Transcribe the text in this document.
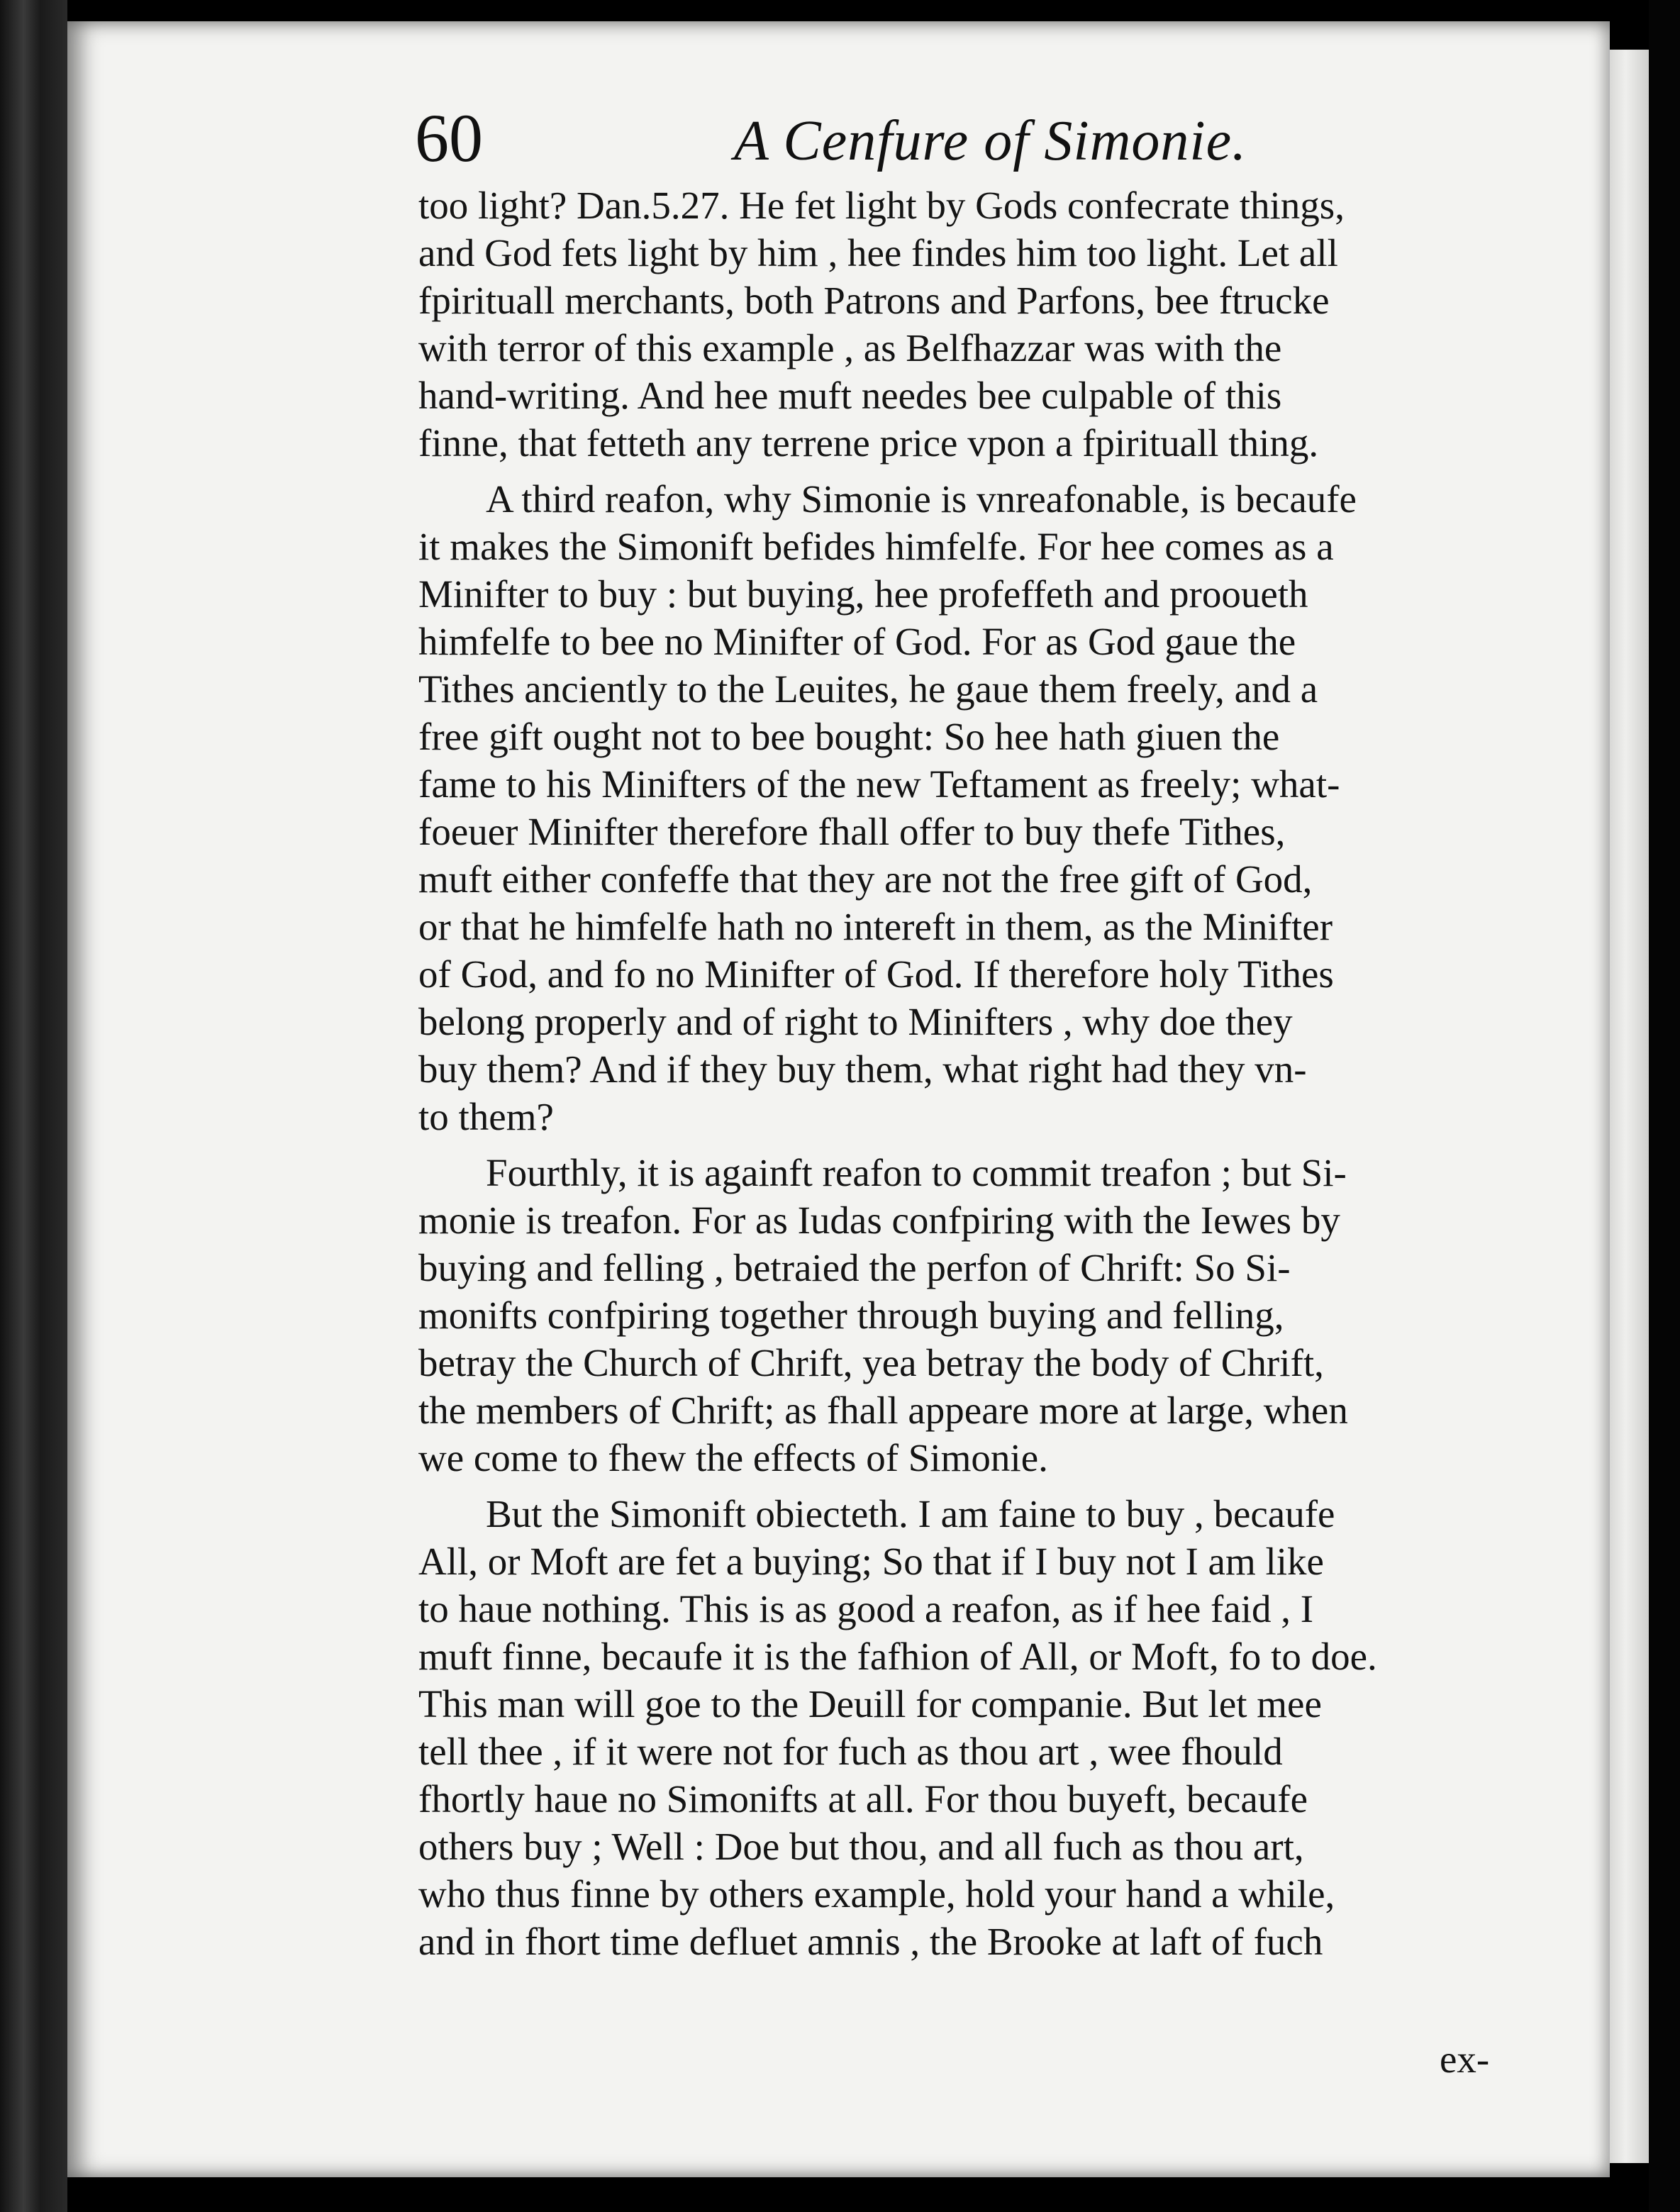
60	A Cenfure of Simonie.
too light? Dan.5.27. He fet light by Gods confecrate things,
and God fets light by him , hee findes him too light. Let all
fpirituall merchants, both Patrons and Parfons, bee ftrucke
with terror of this example , as Belfhazzar was with the
hand-writing. And hee muft needes bee culpable of this
finne, that fetteth any terrene price vpon a fpirituall thing.
A third reafon, why Simonie is vnreafonable, is becaufe
it makes the Simonift befides himfelfe. For hee comes as a
Minifter to buy : but buying, hee profeffeth and prooueth
himfelfe to bee no Minifter of God. For as God gaue the
Tithes anciently to the Leuites, he gaue them freely, and a
free gift ought not to bee bought: So hee hath giuen the
fame to his Minifters of the new Teftament as freely; what-
foeuer Minifter therefore fhall offer to buy thefe Tithes,
muft either confeffe that they are not the free gift of God,
or that he himfelfe hath no intereft in them, as the Minifter
of God, and fo no Minifter of God. If therefore holy Tithes
belong properly and of right to Minifters , why doe they
buy them? And if they buy them, what right had they vn-
to them?
Fourthly, it is againft reafon to commit treafon ; but Si-
monie is treafon. For as Iudas confpiring with the Iewes by
buying and felling , betraied the perfon of Chrift: So Si-
monifts confpiring together through buying and felling,
betray the Church of Chrift, yea betray the body of Chrift,
the members of Chrift; as fhall appeare more at large, when
we come to fhew the effects of Simonie.
But the Simonift obiecteth. I am faine to buy , becaufe
All, or Moft are fet a buying; So that if I buy not I am like
to haue nothing. This is as good a reafon, as if hee faid , I
muft finne, becaufe it is the fafhion of All, or Moft, fo to doe.
This man will goe to the Deuill for companie. But let mee
tell thee , if it were not for fuch as thou art , wee fhould
fhortly haue no Simonifts at all. For thou buyeft, becaufe
others buy ; Well : Doe but thou, and all fuch as thou art,
who thus finne by others example, hold your hand a while,
and in fhort time defluet amnis , the Brooke at laft of fuch
ex-
